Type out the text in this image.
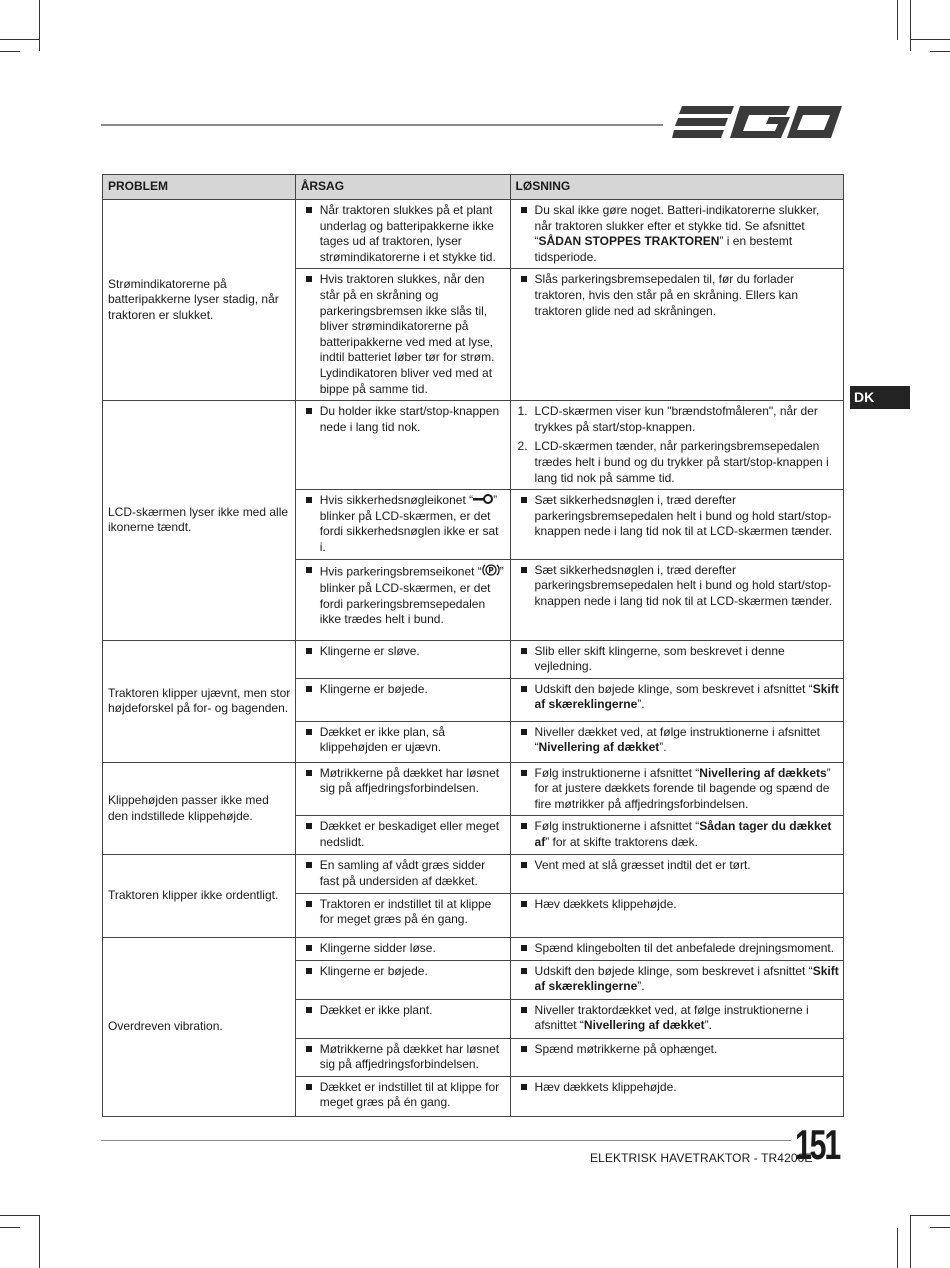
DK
PROBLEM	ÅRSAG	LØSNING
Strømindikatorerne på batteripakkerne lyser stadig, når traktoren er slukket.	Når traktoren slukkes på et plant underlag og batteripakkerne ikke tages ud af traktoren, lyser strømindikatorerne i et stykke tid.	Du skal ikke gøre noget. Batteri-indikatorerne slukker, når traktoren slukker efter et stykke tid. Se afsnittet “SÅDAN STOPPES TRAKTOREN” i en bestemt tidsperiode.

	Hvis traktoren slukkes, når den står på en skråning og parkeringsbremsen ikke slås til, bliver strømindikatorerne på batteripakkerne ved med at lyse, indtil batteriet løber tør for strøm. Lydindikatoren bliver ved med at bippe på samme tid.	Slås parkeringsbremsepedalen til, før du forlader traktoren, hvis den står på en skråning. Ellers kan traktoren glide ned ad skråningen.

LCD-skærmen lyser ikke med alle ikonerne tændt.	Du holder ikke start/stop-knappen nede i lang tid nok.	1. LCD-skærmen viser kun "brændstofmåleren", når der trykkes på start/stop-knappen.
2. LCD-skærmen tænder, når parkeringsbremsepedalen trædes helt i bund og du trykker på start/stop-knappen i lang tid nok på samme tid.

	Hvis sikkerhedsnøgleikonet “ ” blinker på LCD-skærmen, er det fordi sikkerhedsnøglen ikke er sat i.	Sæt sikkerhedsnøglen i, træd derefter parkeringsbremsepedalen helt i bund og hold start/stop-knappen nede i lang tid nok til at LCD-skærmen tænder.

	Hvis parkeringsbremseikonet “ P ” blinker på LCD-skærmen, er det fordi parkeringsbremsepedalen ikke trædes helt i bund.	Sæt sikkerhedsnøglen i, træd derefter parkeringsbremsepedalen helt i bund og hold start/stop-knappen nede i lang tid nok til at LCD-skærmen tænder.

Traktoren klipper ujævnt, men stor højdeforskel på for- og bagenden.	Klingerne er sløve.	Slib eller skift klingerne, som beskrevet i denne vejledning.

	Klingerne er bøjede.	Udskift den bøjede klinge, som beskrevet i afsnittet “Skift af skæreklingerne”.

	Dækket er ikke plan, så klippehøjden er ujævn.	Niveller dækket ved, at følge instruktionerne i afsnittet “Nivellering af dækket”.

Klippehøjden passer ikke med den indstillede klippehøjde.	Møtrikkerne på dækket har løsnet sig på affjedringsforbindelsen.	Følg instruktionerne i afsnittet “Nivellering af dækkets” for at justere dækkets forende til bagende og spænd de fire møtrikker på affjedringsforbindelsen.

	Dækket er beskadiget eller meget nedslidt.	Følg instruktionerne i afsnittet “Sådan tager du dækket af” for at skifte traktorens dæk.

Traktoren klipper ikke ordentligt.	En samling af vådt græs sidder fast på undersiden af dækket.	Vent med at slå græsset indtil det er tørt.

	Traktoren er indstillet til at klippe for meget græs på én gang.	Hæv dækkets klippehøjde.

Overdreven vibration.	Klingerne sidder løse.	Spænd klingebolten til det anbefalede drejningsmoment.

	Klingerne er bøjede.	Udskift den bøjede klinge, som beskrevet i afsnittet “Skift af skæreklingerne”.

	Dækket er ikke plant.	Niveller traktordækket ved, at følge instruktionerne i afsnittet “Nivellering af dækket”.

	Møtrikkerne på dækket har løsnet sig på affjedringsforbindelsen.	Spænd møtrikkerne på ophænget.

	Dækket er indstillet til at klippe for meget græs på én gang.	Hæv dækkets klippehøjde.
ELEKTRISK HAVETRAKTOR - TR4200E
151
